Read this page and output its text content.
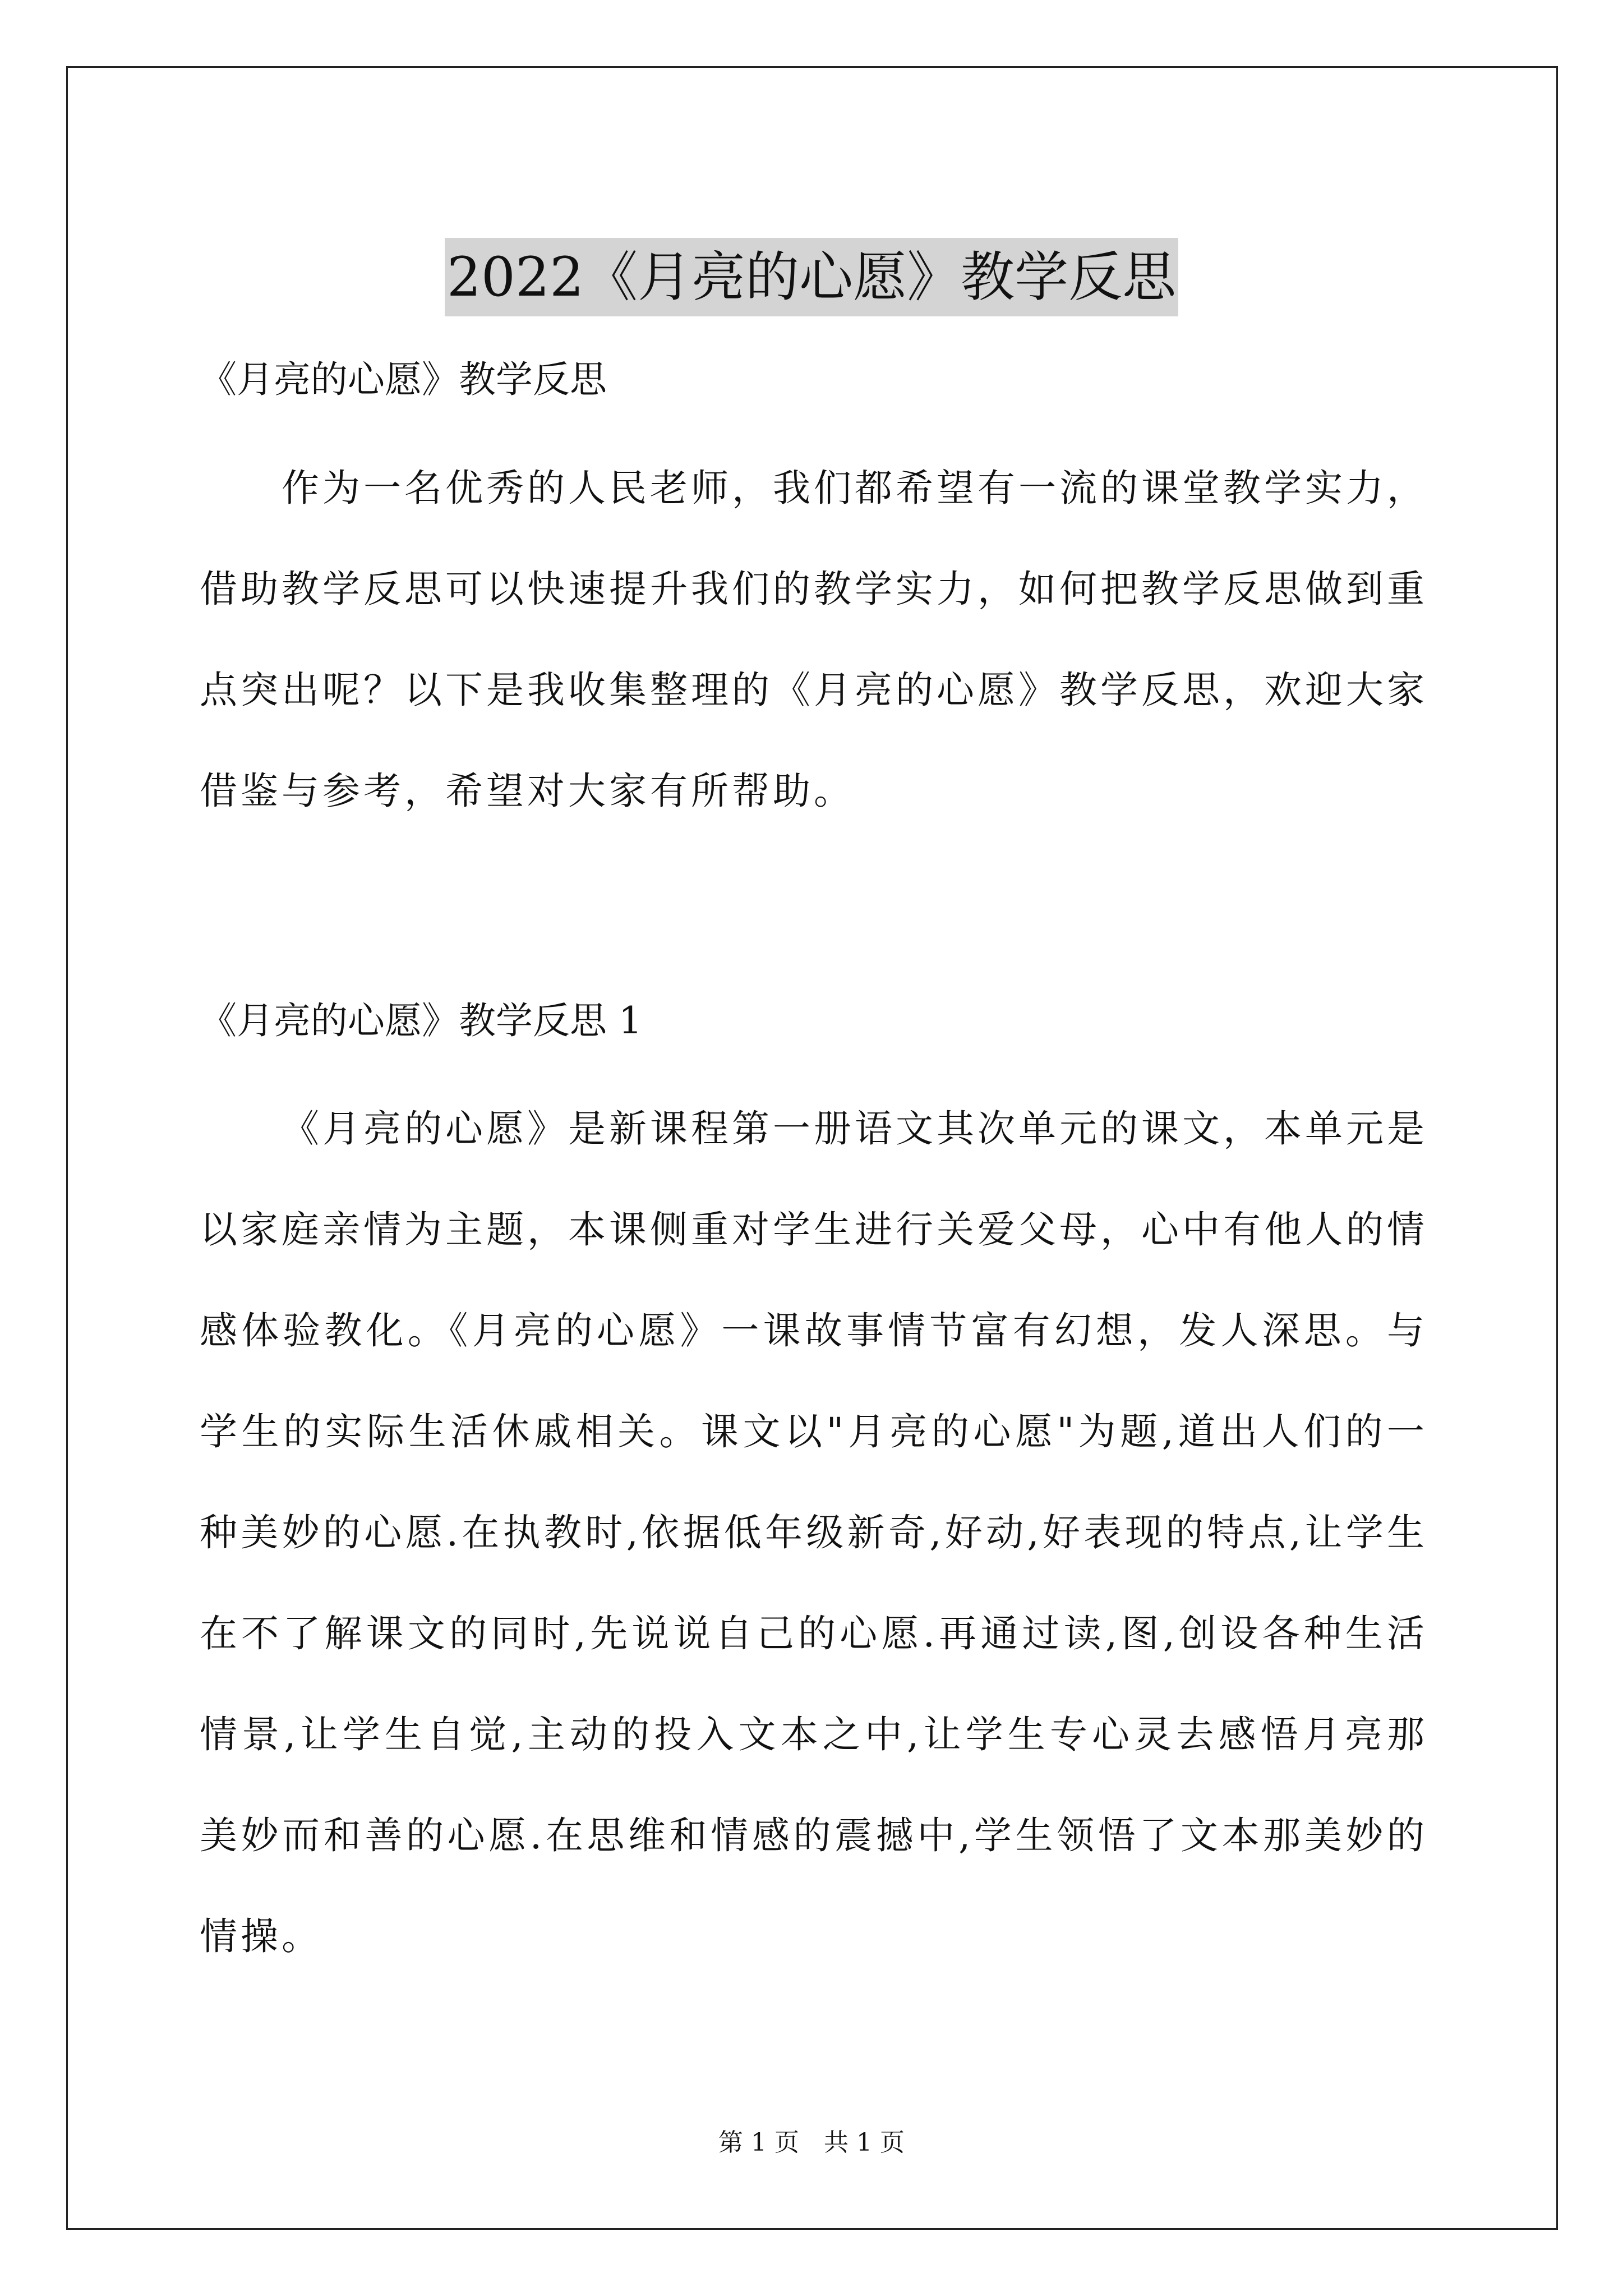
2022《月亮的心愿》教学反思
《月亮的心愿》教学反思

作为一名优秀的人民老师，我们都希望有一流的课堂教学实力，借助教学反思可以快速提升我们的教学实力，如何把教学反思做到重点突出呢？以下是我收集整理的《月亮的心愿》教学反思，欢迎大家借鉴与参考，希望对大家有所帮助。

《月亮的心愿》教学反思 1

《月亮的心愿》是新课程第一册语文其次单元的课文，本单元是以家庭亲情为主题，本课侧重对学生进行关爱父母，心中有他人的情感体验教化。《月亮的心愿》一课故事情节富有幻想，发人深思。与学生的实际生活休戚相关。课文以"月亮的心愿"为题,道出人们的一种美妙的心愿.在执教时,依据低年级新奇,好动,好表现的特点,让学生在不了解课文的同时,先说说自己的心愿.再通过读,图,创设各种生活情景,让学生自觉,主动的投入文本之中,让学生专心灵去感悟月亮那美妙而和善的心愿.在思维和情感的震撼中,学生领悟了文本那美妙的情操。

第 1 页　共 1 页
